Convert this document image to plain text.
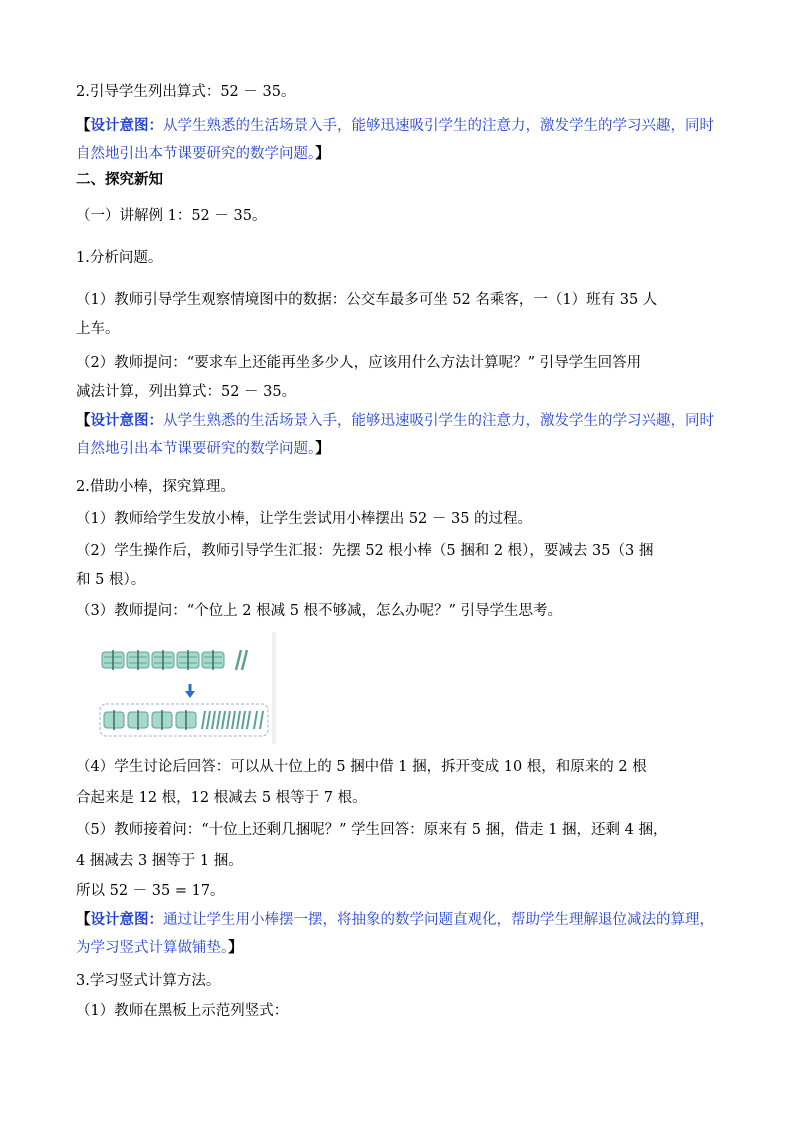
2.引导学生列出算式：52 － 35。
【设计意图：从学生熟悉的生活场景入手，能够迅速吸引学生的注意力，激发学生的学习兴趣，同时自然地引出本节课要研究的数学问题。】
二、探究新知
（一）讲解例 1：52 － 35。
1.分析问题。
（1）教师引导学生观察情境图中的数据：公交车最多可坐 52 名乘客，一（1）班有 35 人
上车。
（2）教师提问：“要求车上还能再坐多少人，应该用什么方法计算呢？” 引导学生回答用
减法计算，列出算式：52 － 35。
【设计意图：从学生熟悉的生活场景入手，能够迅速吸引学生的注意力，激发学生的学习兴趣，同时自然地引出本节课要研究的数学问题。】
2.借助小棒，探究算理。
（1）教师给学生发放小棒，让学生尝试用小棒摆出 52 － 35 的过程。
（2）学生操作后，教师引导学生汇报：先摆 52 根小棒（5 捆和 2 根），要减去 35（3 捆
和 5 根）。
（3）教师提问：“个位上 2 根减 5 根不够减，怎么办呢？” 引导学生思考。
（4）学生讨论后回答：可以从十位上的 5 捆中借 1 捆，拆开变成 10 根，和原来的 2 根
合起来是 12 根，12 根减去 5 根等于 7 根。
（5）教师接着问：“十位上还剩几捆呢？” 学生回答：原来有 5 捆，借走 1 捆，还剩 4 捆，
4 捆减去 3 捆等于 1 捆。
所以 52 － 35 = 17。
【设计意图：通过让学生用小棒摆一摆，将抽象的数学问题直观化，帮助学生理解退位减法的算理，为学习竖式计算做铺垫。】
3.学习竖式计算方法。
（1）教师在黑板上示范列竖式：
